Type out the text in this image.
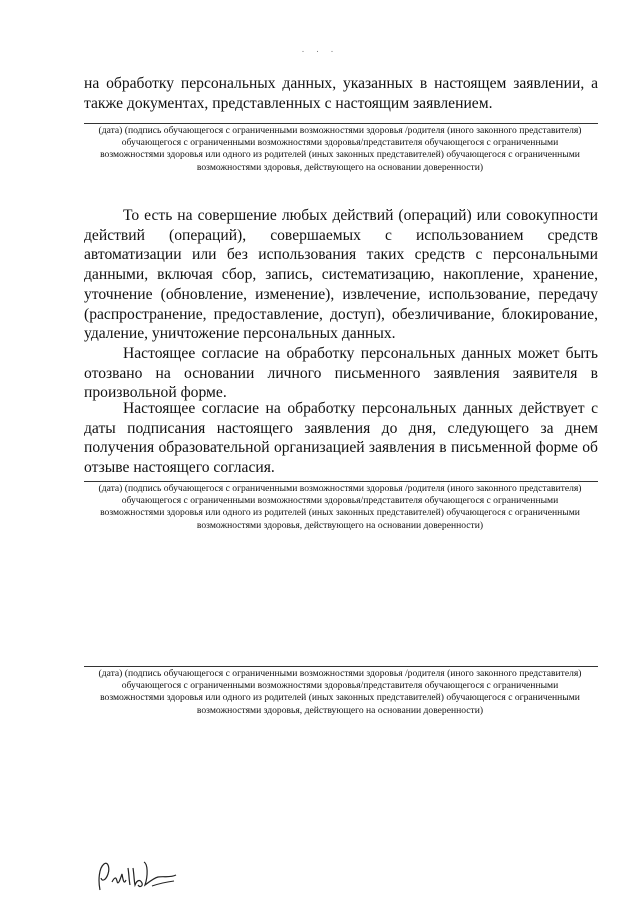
. . .

на обработку персональных данных, указанных в настоящем заявлении, а также документах, представленных с настоящим заявлением.

(дата) (подпись обучающегося с ограниченными возможностями здоровья /родителя (иного законного представителя) обучающегося с ограниченными возможностями здоровья/представителя обучающегося с ограниченными возможностями здоровья или одного из родителей (иных законных представителей) обучающегося с ограниченными возможностями здоровья, действующего на основании доверенности)

То есть на совершение любых действий (операций) или совокупности действий (операций), совершаемых с использованием средств автоматизации или без использования таких средств с персональными данными, включая сбор, запись, систематизацию, накопление, хранение, уточнение (обновление, изменение), извлечение, использование, передачу (распространение, предоставление, доступ), обезличивание, блокирование, удаление, уничтожение персональных данных.

Настоящее согласие на обработку персональных данных может быть отозвано на основании личного письменного заявления заявителя в произвольной форме.

Настоящее согласие на обработку персональных данных действует с даты подписания настоящего заявления до дня, следующего за днем получения образовательной организацией заявления в письменной форме об отзыве настоящего согласия.

(дата) (подпись обучающегося с ограниченными возможностями здоровья /родителя (иного законного представителя) обучающегося с ограниченными возможностями здоровья/представителя обучающегося с ограниченными возможностями здоровья или одного из родителей (иных законных представителей) обучающегося с ограниченными возможностями здоровья, действующего на основании доверенности)

(дата) (подпись обучающегося с ограниченными возможностями здоровья /родителя (иного законного представителя) обучающегося с ограниченными возможностями здоровья/представителя обучающегося с ограниченными возможностями здоровья или одного из родителей (иных законных представителей) обучающегося с ограниченными возможностями здоровья, действующего на основании доверенности)
